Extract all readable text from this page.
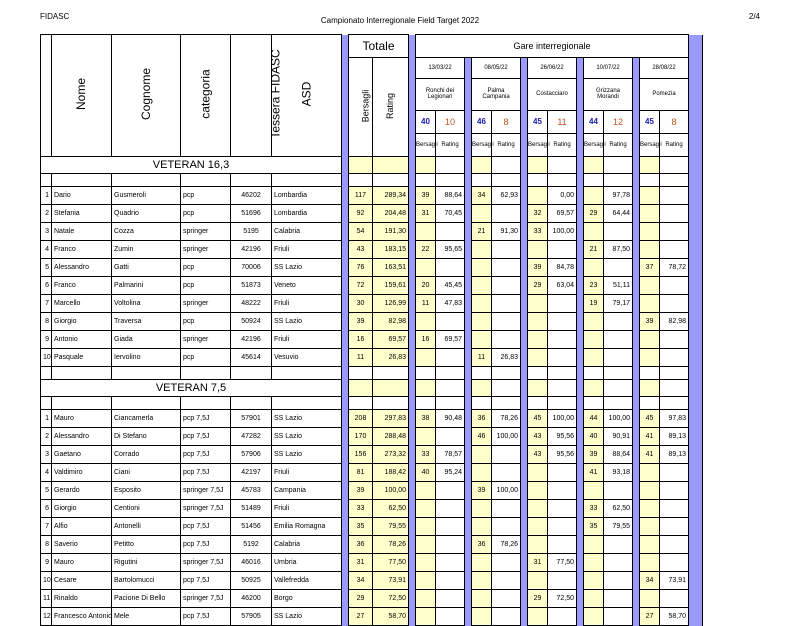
FIDASC	Campionato Interregionale Field Target 2022	2/4
	Nome	Cognome	categoria	Tessera FIDASC	ASD		Totale			Gare interregionale														
							Bersagli	Rating		13/03/22			08/05/22			26/06/22			10/07/22			28/08/22		
										Ronchi dei Legionari			Palma Campania			Costacciaro			Grizzana Morandi			Pomezia		
										40	10		46	8		45	11		44	12		45	8	
										Bersagli	Rating		Bersagli	Rating		Bersagli	Rating		Bersagli	Rating		Bersagli	Rating	
VETERAN 16,3																								

1	Dario	Gusmeroli	pcp	46202	Lombardia		117	289,34		39	88,64		34	62,93			0,00			97,78				
2	Stefania	Quadrio	pcp	51696	Lombardia		92	204,48		31	70,45					32	69,57		29	64,44				
3	Natale	Cozza	springer	5195	Calabria		54	191,30					21	91,30		33	100,00							
4	Franco	Zumin	springer	42196	Friuli		43	183,15		22	95,65								21	87,50				
5	Alessandro	Gatti	pcp	70006	SS Lazio		76	163,51								39	84,78					37	78,72	
6	Franco	Palmarini	pcp	51873	Veneto		72	159,61		20	45,45					29	63,04		23	51,11				
7	Marcello	Voltolina	springer	48222	Friuli		30	126,99		11	47,83								19	79,17				
8	Giorgio	Traversa	pcp	50924	SS Lazio		39	82,98														39	82,98	
9	Antonio	Giada	springer	42196	Friuli		16	69,57		16	69,57													
10	Pasquale	Iervolino	pcp	45614	Vesuvio		11	26,83					11	26,83										

VETERAN 7,5																								

1	Mauro	Ciancamerla	pcp 7,5J	57901	SS Lazio		208	297,83		38	90,48		36	78,26		45	100,00		44	100,00		45	97,83	
2	Alessandro	Di Stefano	pcp 7,5J	47282	SS Lazio		170	288,48					46	100,00		43	95,56		40	90,91		41	89,13	
3	Gaetano	Corrado	pcp 7,5J	57906	SS Lazio		156	273,32		33	78,57					43	95,56		39	88,64		41	89,13	
4	Valdimiro	Ciani	pcp 7,5J	42197	Friuli		81	188,42		40	95,24								41	93,18				
5	Gerardo	Esposito	springer 7,5J	45783	Campania		39	100,00					39	100,00										
6	Giorgio	Centioni	springer 7,5J	51489	Friuli		33	62,50											33	62,50				
7	Alfio	Antonelli	pcp 7,5J	51456	Emilia Romagna		35	79,55											35	79,55				
8	Saverio	Petitto	pcp 7,5J	5192	Calabria		36	78,26					36	78,26										
9	Mauro	Rigutini	springer 7,5J	46016	Umbria		31	77,50								31	77,50							
10	Cesare	Bartolomucci	pcp 7,5J	50925	Vallefredda		34	73,91														34	73,91	
11	Rinaldo	Pacione Di Bello	springer 7,5J	46200	Borgo		29	72,50								29	72,50							
12	Francesco Antonio	Mele	pcp 7,5J	57905	SS Lazio		27	58,70														27	58,70	
